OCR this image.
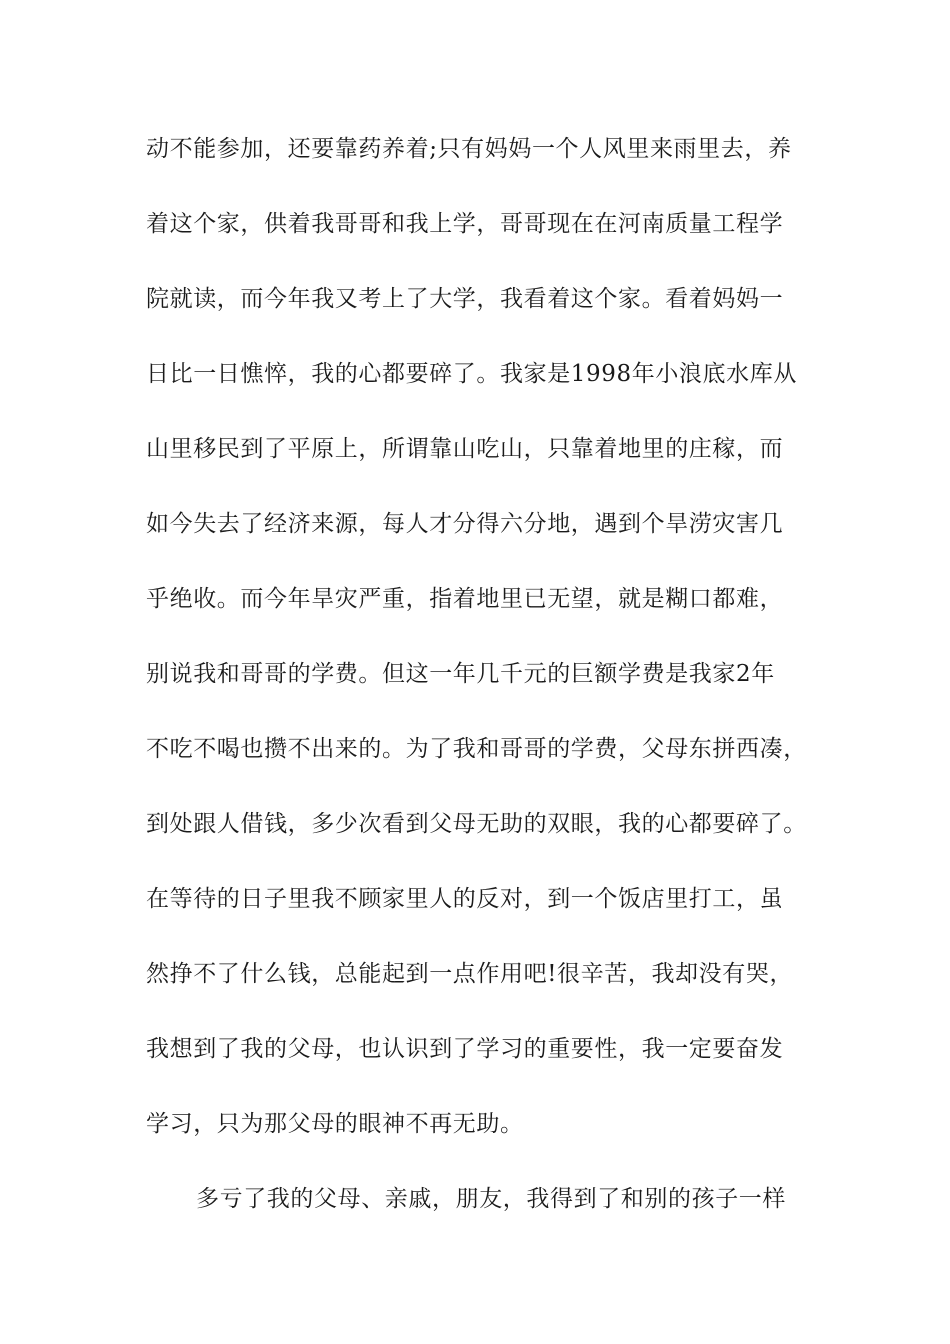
动不能参加，还要靠药养着;只有妈妈一个人风里来雨里去，养
着这个家，供着我哥哥和我上学，哥哥现在在河南质量工程学
院就读，而今年我又考上了大学，我看着这个家。看着妈妈一
日比一日憔悴，我的心都要碎了。我家是1998年小浪底水库从
山里移民到了平原上，所谓靠山吃山，只靠着地里的庄稼，而
如今失去了经济来源，每人才分得六分地，遇到个旱涝灾害几
乎绝收。而今年旱灾严重，指着地里已无望，就是糊口都难，
别说我和哥哥的学费。但这一年几千元的巨额学费是我家2年
不吃不喝也攒不出来的。为了我和哥哥的学费，父母东拼西凑，
到处跟人借钱，多少次看到父母无助的双眼，我的心都要碎了。
在等待的日子里我不顾家里人的反对，到一个饭店里打工，虽
然挣不了什么钱，总能起到一点作用吧!很辛苦，我却没有哭，
我想到了我的父母，也认识到了学习的重要性，我一定要奋发
学习，只为那父母的眼神不再无助。
多亏了我的父母、亲戚，朋友，我得到了和别的孩子一样
